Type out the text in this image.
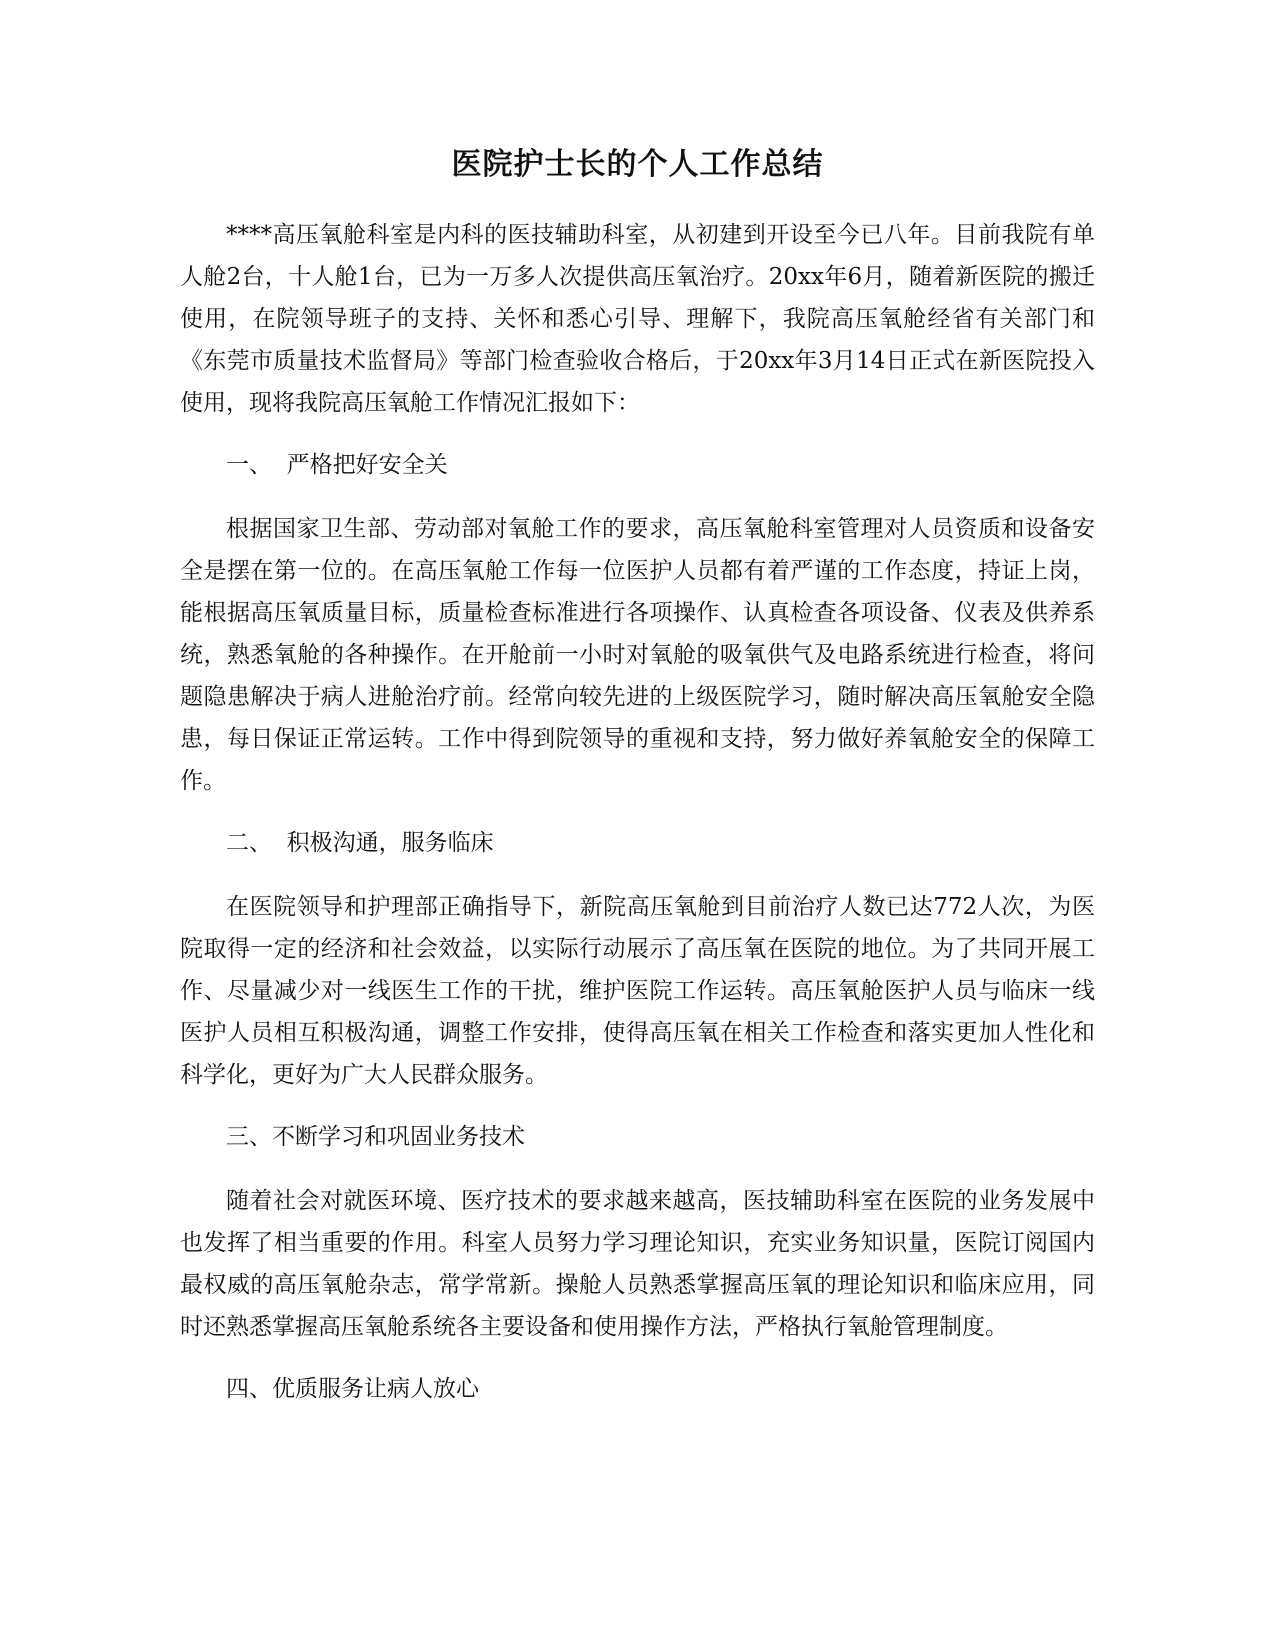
医院护士长的个人工作总结

****高压氧舱科室是内科的医技辅助科室，从初建到开设至今已八年。目前我院有单人舱2台，十人舱1台，已为一万多人次提供高压氧治疗。20xx年6月，随着新医院的搬迁使用，在院领导班子的支持、关怀和悉心引导、理解下，我院高压氧舱经省有关部门和《东莞市质量技术监督局》等部门检查验收合格后，于20xx年3月14日正式在新医院投入使用，现将我院高压氧舱工作情况汇报如下：

一、  严格把好安全关

根据国家卫生部、劳动部对氧舱工作的要求，高压氧舱科室管理对人员资质和设备安全是摆在第一位的。在高压氧舱工作每一位医护人员都有着严谨的工作态度，持证上岗，能根据高压氧质量目标，质量检查标准进行各项操作、认真检查各项设备、仪表及供养系统，熟悉氧舱的各种操作。在开舱前一小时对氧舱的吸氧供气及电路系统进行检查，将问题隐患解决于病人进舱治疗前。经常向较先进的上级医院学习，随时解决高压氧舱安全隐患，每日保证正常运转。工作中得到院领导的重视和支持，努力做好养氧舱安全的保障工作。

二、  积极沟通，服务临床

在医院领导和护理部正确指导下，新院高压氧舱到目前治疗人数已达772人次，为医院取得一定的经济和社会效益，以实际行动展示了高压氧在医院的地位。为了共同开展工作、尽量减少对一线医生工作的干扰，维护医院工作运转。高压氧舱医护人员与临床一线医护人员相互积极沟通，调整工作安排，使得高压氧在相关工作检查和落实更加人性化和科学化，更好为广大人民群众服务。

三、不断学习和巩固业务技术

随着社会对就医环境、医疗技术的要求越来越高，医技辅助科室在医院的业务发展中也发挥了相当重要的作用。科室人员努力学习理论知识，充实业务知识量，医院订阅国内最权威的高压氧舱杂志，常学常新。操舱人员熟悉掌握高压氧的理论知识和临床应用，同时还熟悉掌握高压氧舱系统各主要设备和使用操作方法，严格执行氧舱管理制度。

四、优质服务让病人放心
